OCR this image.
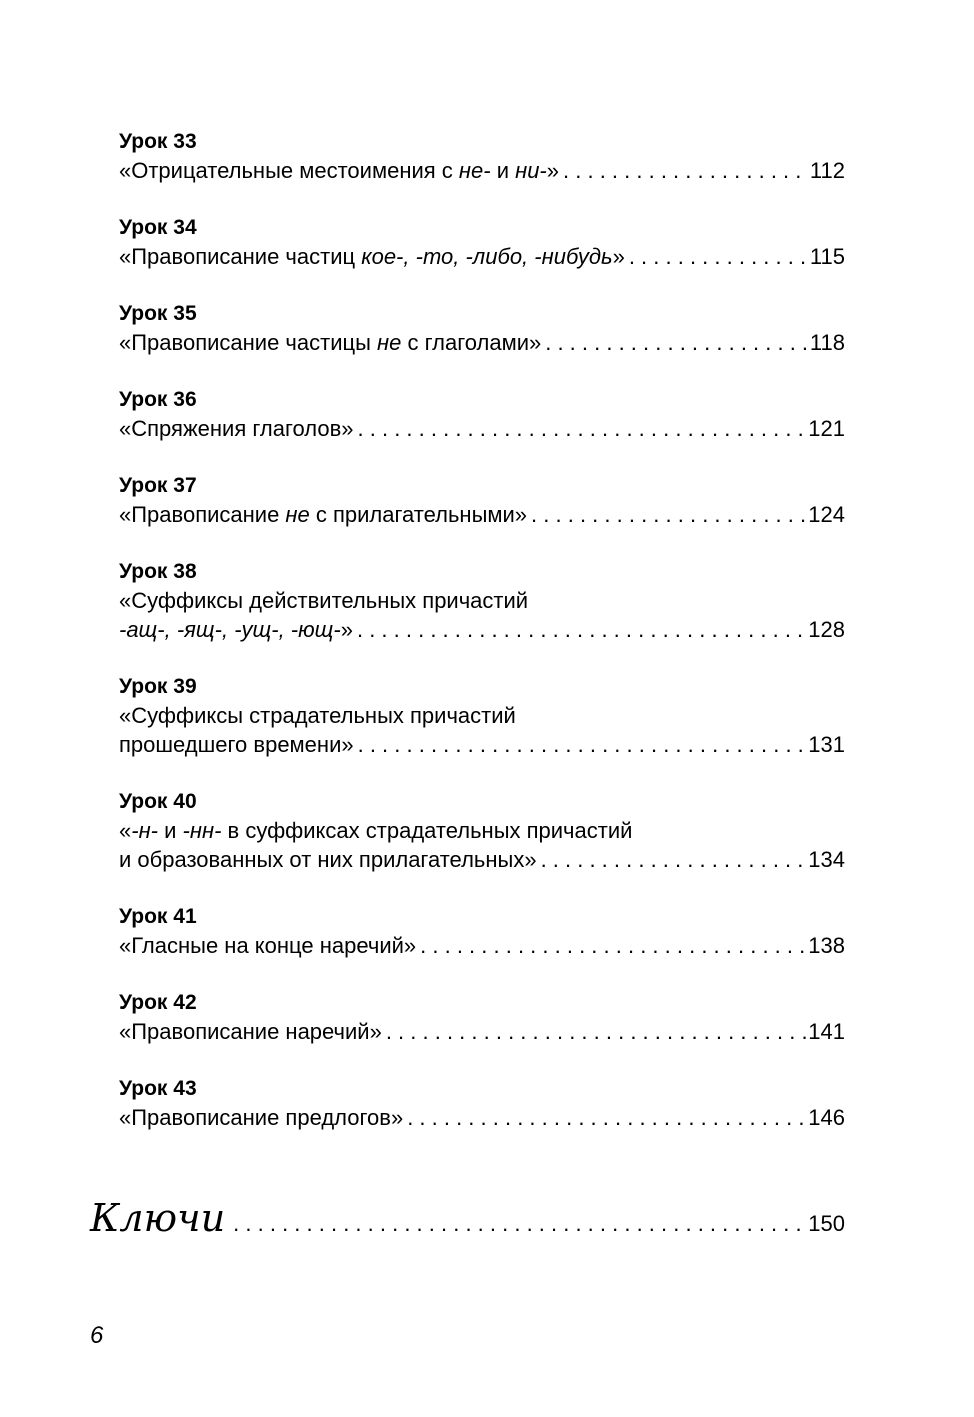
Урок 33
«Отрицательные местоимения с не- и ни-» . . .	112
Урок 34
«Правописание частиц кое-, -то, -либо, -нибудь» . . .	115
Урок 35
«Правописание частицы не с глаголами» . . .	118
Урок 36
«Спряжения глаголов» . . .	121
Урок 37
«Правописание не с прилагательными» . . .	124
Урок 38
«Суффиксы действительных причастий
-ащ-, -ящ-, -ущ-, -ющ-» . . .	128
Урок 39
«Суффиксы страдательных причастий
прошедшего времени» . . .	131
Урок 40
«-н- и -нн- в суффиксах страдательных причастий
и образованных от них прилагательных» . . .	134
Урок 41
«Гласные на конце наречий» . . .	138
Урок 42
«Правописание наречий» . . .	141
Урок 43
«Правописание предлогов» . . .	146
Ключи . . .	150
6
